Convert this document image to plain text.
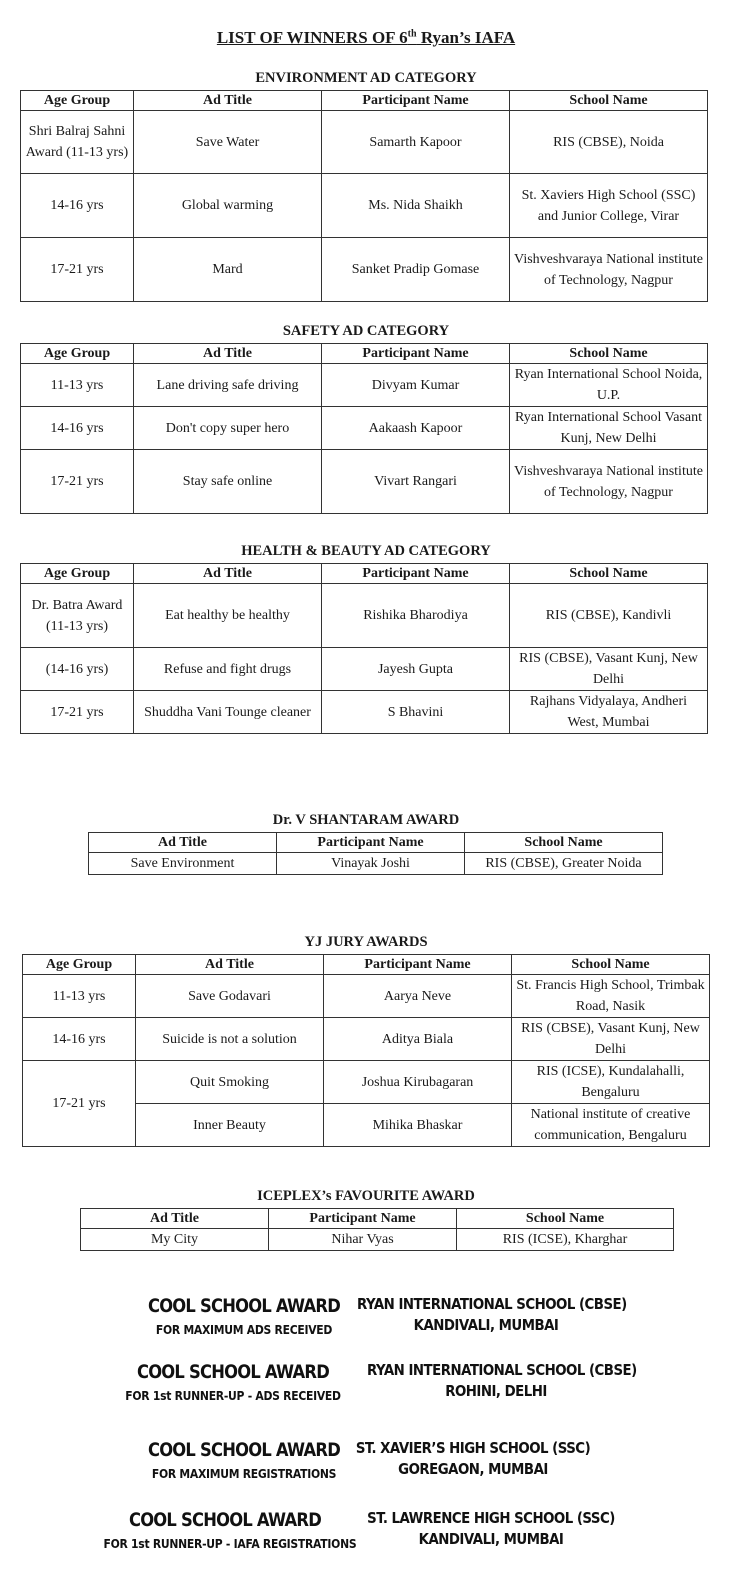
LIST OF WINNERS OF 6th Ryan’s IAFA
ENVIRONMENT AD CATEGORY
Age Group	Ad Title	Participant Name	School Name
Shri Balraj Sahni Award (11-13 yrs)	Save Water	Samarth Kapoor	RIS (CBSE), Noida
14-16 yrs	Global warming	Ms. Nida Shaikh	St. Xaviers High School (SSC) and Junior College, Virar
17-21 yrs	Mard	Sanket Pradip Gomase	Vishveshvaraya National institute of Technology, Nagpur
SAFETY AD CATEGORY
Age Group	Ad Title	Participant Name	School Name
11-13 yrs	Lane driving safe driving	Divyam Kumar	Ryan International School Noida, U.P.
14-16 yrs	Don't copy super hero	Aakaash Kapoor	Ryan International School Vasant Kunj, New Delhi
17-21 yrs	Stay safe online	Vivart Rangari	Vishveshvaraya National institute of Technology, Nagpur
HEALTH & BEAUTY AD CATEGORY
Age Group	Ad Title	Participant Name	School Name
Dr. Batra Award (11-13 yrs)	Eat healthy be healthy	Rishika Bharodiya	RIS (CBSE), Kandivli
(14-16 yrs)	Refuse and fight drugs	Jayesh Gupta	RIS (CBSE), Vasant Kunj, New Delhi
17-21 yrs	Shuddha Vani Tounge cleaner	S Bhavini	Rajhans Vidyalaya, Andheri West, Mumbai
Dr. V SHANTARAM AWARD
Ad Title	Participant Name	School Name
Save Environment	Vinayak Joshi	RIS (CBSE), Greater Noida
YJ JURY AWARDS
Age Group	Ad Title	Participant Name	School Name
11-13 yrs	Save Godavari	Aarya Neve	St. Francis High School, Trimbak Road, Nasik
14-16 yrs	Suicide is not a solution	Aditya Biala	RIS (CBSE), Vasant Kunj, New Delhi
17-21 yrs	Quit Smoking	Joshua Kirubagaran	RIS (ICSE), Kundalahalli, Bengaluru
	Inner Beauty	Mihika Bhaskar	National institute of creative communication, Bengaluru
ICEPLEX’s FAVOURITE AWARD
Ad Title	Participant Name	School Name
My City	Nihar Vyas	RIS (ICSE), Kharghar
COOL SCHOOL AWARD
FOR MAXIMUM ADS RECEIVED
RYAN INTERNATIONAL SCHOOL (CBSE)
KANDIVALI, MUMBAI
COOL SCHOOL AWARD
FOR 1st RUNNER-UP - ADS RECEIVED
RYAN INTERNATIONAL SCHOOL (CBSE)
ROHINI, DELHI
COOL SCHOOL AWARD
FOR MAXIMUM REGISTRATIONS
ST. XAVIER’S HIGH SCHOOL (SSC)
GOREGAON, MUMBAI
COOL SCHOOL AWARD
FOR 1st RUNNER-UP - IAFA REGISTRATIONS
ST. LAWRENCE HIGH SCHOOL (SSC)
KANDIVALI, MUMBAI
